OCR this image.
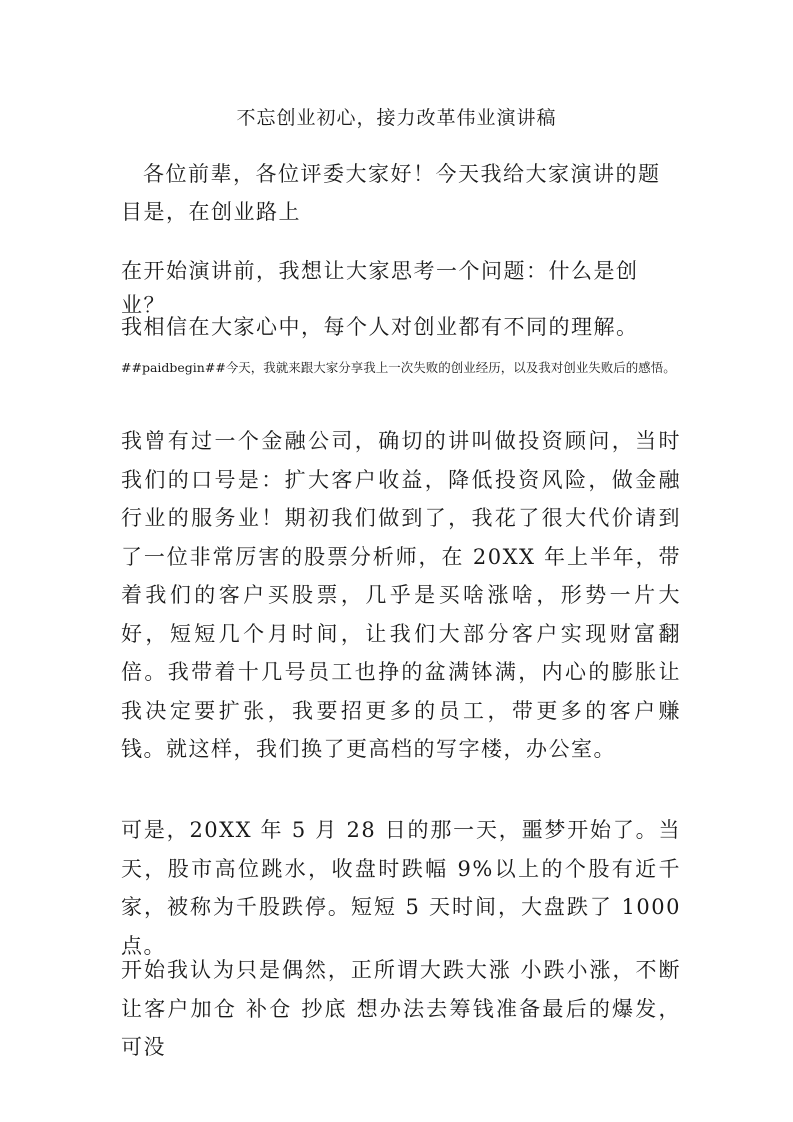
不忘创业初心，接力改革伟业演讲稿

各位前辈，各位评委大家好！今天我给大家演讲的题目是，在创业路上

在开始演讲前，我想让大家思考一个问题：什么是创业？

我相信在大家心中，每个人对创业都有不同的理解。

##paidbegin##今天，我就来跟大家分享我上一次失败的创业经历，以及我对创业失败后的感悟。

我曾有过一个金融公司，确切的讲叫做投资顾问，当时我们的口号是：扩大客户收益，降低投资风险，做金融行业的服务业！期初我们做到了，我花了很大代价请到了一位非常厉害的股票分析师，在 20XX 年上半年，带着我们的客户买股票，几乎是买啥涨啥，形势一片大好，短短几个月时间，让我们大部分客户实现财富翻倍。我带着十几号员工也挣的盆满钵满，内心的膨胀让我决定要扩张，我要招更多的员工，带更多的客户赚钱。就这样，我们换了更高档的写字楼，办公室。

可是，20XX 年 5 月 28 日的那一天，噩梦开始了。当天，股市高位跳水，收盘时跌幅 9%以上的个股有近千家，被称为千股跌停。短短 5 天时间，大盘跌了 1000 点。

开始我认为只是偶然，正所谓大跌大涨 小跌小涨，不断让客户加仓 补仓 抄底 想办法去筹钱准备最后的爆发，可没
